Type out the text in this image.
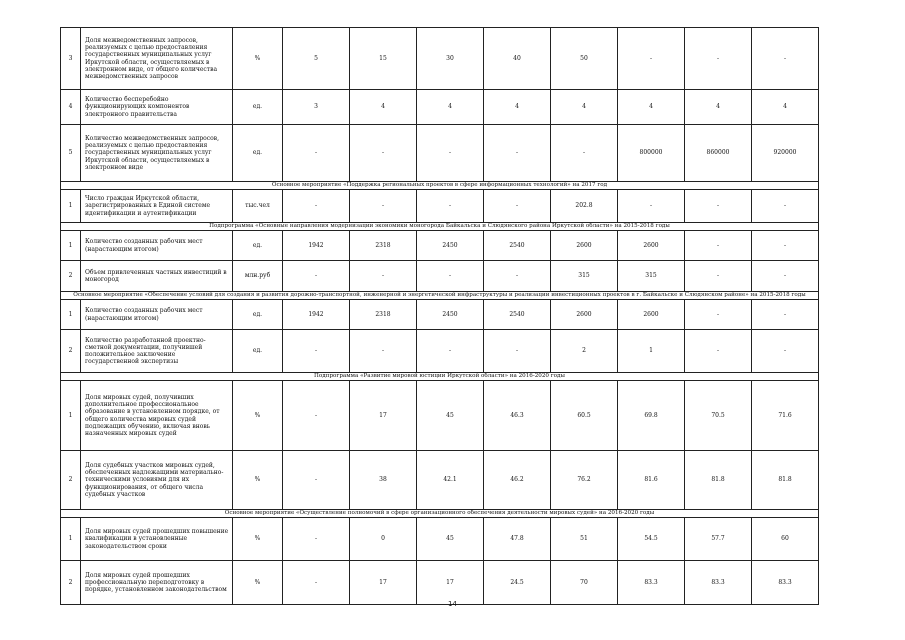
3	Доля межведомственных запросов, реализуемых с целью предоставления государственных муниципальных услуг Иркутской области, осуществляемых в электронном виде, от общего количества межведомственных запросов	%	5	15	30	40	50	-	-	-
4	Количество бесперебойно функционирующих компонентов электронного правительства	ед.	3	4	4	4	4	4	4	4
5	Количество межведомственных запросов, реализуемых с целью предоставления государственных муниципальных услуг Иркутской области, осуществляемых в электронном виде	ед.	-	-	-	-	-	800000	860000	920000
Основное мероприятие «Поддержка региональных проектов в сфере информационных технологий» на 2017 год										
1	Число граждан Иркутской области, зарегистрированных в Единой системе идентификации и аутентификации	тыс.чел	-	-	-	-	202.8	-	-	-
Подпрограмма «Основные направления модернизации экономики моногорода Байкальска и Слюдянского района Иркутской области» на 2015-2018 годы										
1	Количество созданных рабочих мест (нарастающим итогом)	ед.	1942	2318	2450	2540	2600	2600	-	-
2	Объем привлеченных частных инвестиций в моногород	млн.руб	-	-	-	-	315	315	-	-
Основное мероприятие «Обеспечение условий для создания и развития дорожно-транспортной, инженерной и энергетической инфраструктуры и реализации инвестиционных проектов в г. Байкальске и Слюдянском районе» на 2015-2018 годы										
1	Количество созданных рабочих мест (нарастающим итогом)	ед.	1942	2318	2450	2540	2600	2600	-	-
2	Количество разработанной проектно-сметной документации, получившей положительное заключение государственной экспертизы	ед.	-	-	-	-	2	1	-	-
Подпрограмма «Развитие мировой юстиции Иркутской области» на 2016-2020 годы										
1	Доля мировых судей, получивших дополнительное профессиональное образование в установленном порядке, от общего количества мировых судей подлежащих обучению, включая вновь назначенных мировых судей	%	-	17	45	46.3	60.5	69.8	70.5	71.6
2	Доля судебных участков мировых судей, обеспеченных надлежащими материально-техническими условиями для их функционирования, от общего числа судебных участков	%	-	38	42.1	46.2	76.2	81.6	81.8	81.8
Основное мероприятие «Осуществление полномочий в сфере организационного обеспечения деятельности мировых судей» на 2016-2020 годы										
1	Доля мировых судей прошедших повышение квалификации в установленные законодательством сроки	%	-	0	45	47.8	51	54.5	57.7	60
2	Доля мировых судей прошедших профессиональную переподготовку в порядке, установленном законодательством	%	-	17	17	24.5	70	83.3	83.3	83.3
14
